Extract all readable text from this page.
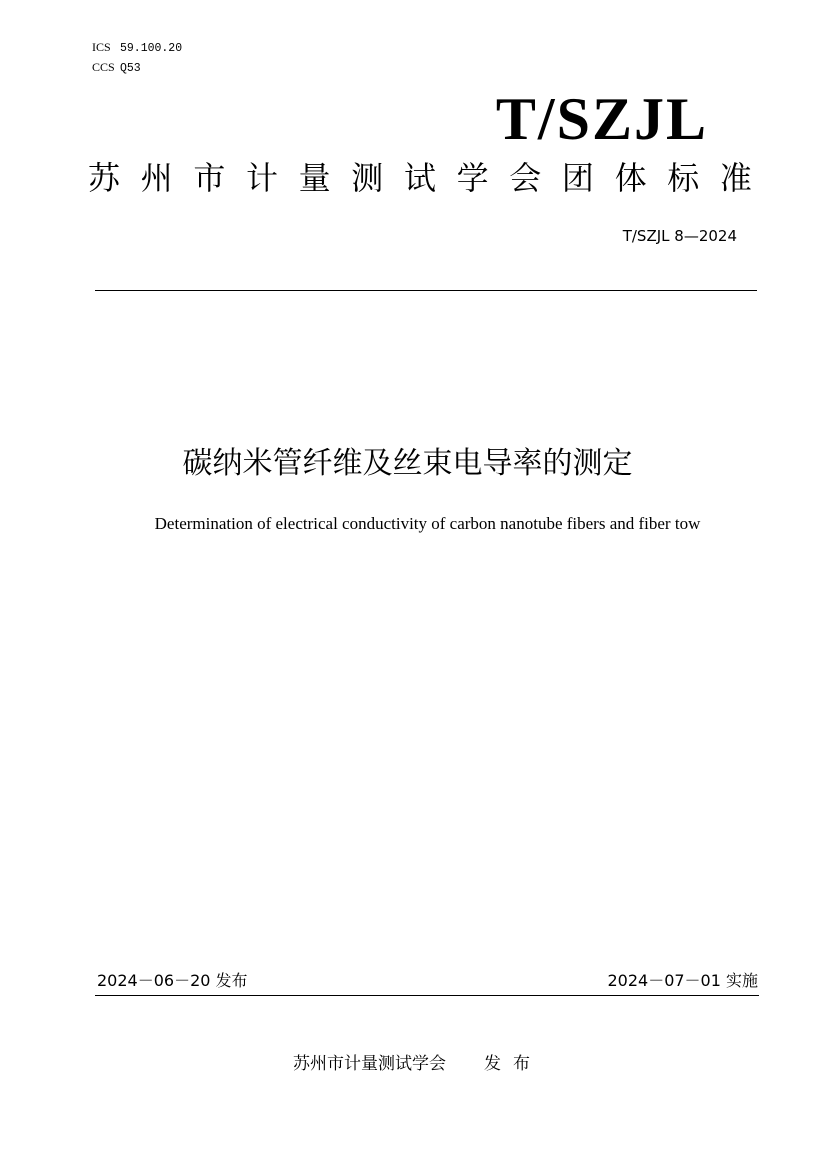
ICS 59.100.20
CCS Q53
T/SZJL
苏 州 市 计 量 测 试 学 会 团 体 标 准
T/SZJL 8—2024
碳纳米管纤维及丝束电导率的测定
Determination of electrical conductivity of carbon nanotube fibers and fiber tow
2024－06－20 发布	2024－07－01 实施
苏州市计量测试学会 发布
